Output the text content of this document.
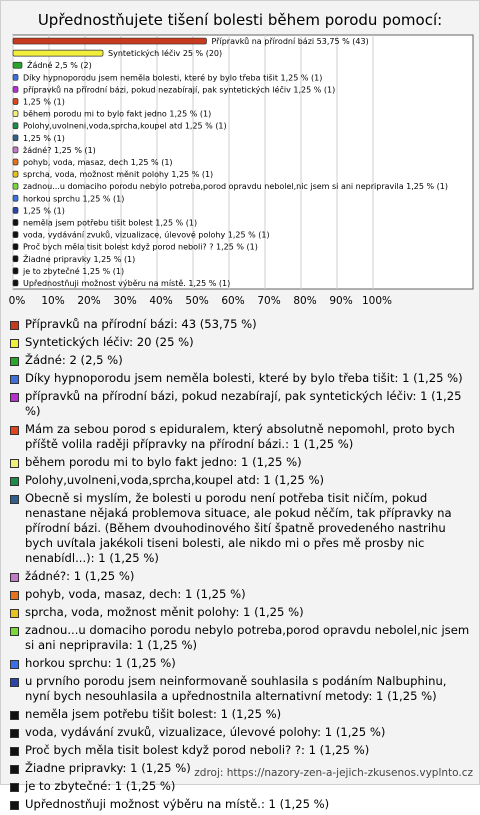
Upřednostňujete tišení bolesti během porodu pomocí:
0% 10% 20% 30% 40% 50% 60% 70% 80% 90% 100%
Přípravků na přírodní bázi 53,75 % (43)
Syntetických léčiv 25 % (20)
Žádné 2,5 % (2)
Díky hypnoporodu jsem neměla bolesti, které by bylo třeba tišit 1,25 % (1)
přípravků na přírodní bázi, pokud nezabírají, pak syntetických léčiv 1,25 % (1)
1,25 % (1)
během porodu mi to bylo fakt jedno 1,25 % (1)
Polohy,uvolneni,voda,sprcha,koupel atd 1,25 % (1)
1,25 % (1)
žádné? 1,25 % (1)
pohyb, voda, masaz, dech 1,25 % (1)
sprcha, voda, možnost měnit polohy 1,25 % (1)
zadnou...u domaciho porodu nebylo potreba,porod opravdu nebolel,nic jsem si ani nepripravila 1,25 % (1)
horkou sprchu 1,25 % (1)
1,25 % (1)
neměla jsem potřebu tišit bolest 1,25 % (1)
voda, vydávání zvuků, vizualizace, úlevové polohy 1,25 % (1)
Proč bych měla tisit bolest když porod neboli? ? 1,25 % (1)
Žiadne pripravky 1,25 % (1)
je to zbytečné 1,25 % (1)
Upřednostňuji možnost výběru na místě. 1,25 % (1)
Přípravků na přírodní bázi: 43 (53,75 %)
Syntetických léčiv: 20 (25 %)
Žádné: 2 (2,5 %)
Díky hypnoporodu jsem neměla bolesti, které by bylo třeba tišit: 1 (1,25 %)
přípravků na přírodní bázi, pokud nezabírají, pak syntetických léčiv: 1 (1,25 %)
Mám za sebou porod s epiduralem, který absolutně nepomohl, proto bych příště volila raději přípravky na přírodní bázi.: 1 (1,25 %)
během porodu mi to bylo fakt jedno: 1 (1,25 %)
Polohy,uvolneni,voda,sprcha,koupel atd: 1 (1,25 %)
Obecně si myslím, že bolesti u porodu není potřeba tisit ničím, pokud nenastane nějaká problemova situace, ale pokud něčím, tak přípravky na přírodní bázi. (Během dvouhodinového šití špatně provedeného nastrihu bych uvítala jakékoli tiseni bolesti, ale nikdo mi o přes mě prosby nic nenabídl...): 1 (1,25 %)
žádné?: 1 (1,25 %)
pohyb, voda, masaz, dech: 1 (1,25 %)
sprcha, voda, možnost měnit polohy: 1 (1,25 %)
zadnou...u domaciho porodu nebylo potreba,porod opravdu nebolel,nic jsem si ani nepripravila: 1 (1,25 %)
horkou sprchu: 1 (1,25 %)
u prvního porodu jsem neinformovaně souhlasila s podáním Nalbuphinu, nyní bych nesouhlasila a upřednostnila alternativní metody: 1 (1,25 %)
neměla jsem potřebu tišit bolest: 1 (1,25 %)
voda, vydávání zvuků, vizualizace, úlevové polohy: 1 (1,25 %)
Proč bych měla tisit bolest když porod neboli? ?: 1 (1,25 %)
Žiadne pripravky: 1 (1,25 %)
je to zbytečné: 1 (1,25 %)
Upřednostňuji možnost výběru na místě.: 1 (1,25 %)
zdroj: https://nazory-zen-a-jejich-zkusenos.vyplnto.cz
